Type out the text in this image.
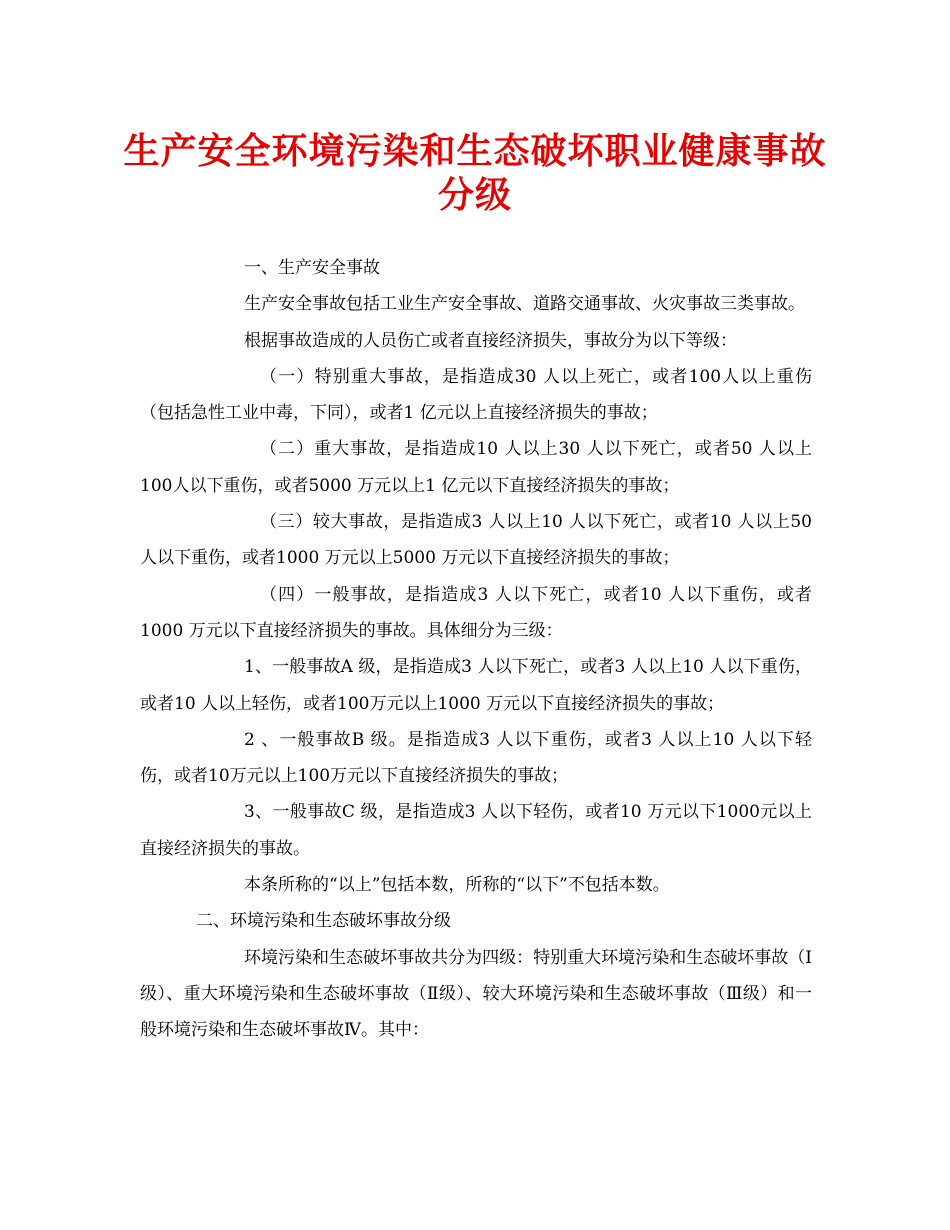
生产安全环境污染和生态破坏职业健康事故
分级

一、生产安全事故

生产安全事故包括工业生产安全事故、道路交通事故、火灾事故三类事故。

根据事故造成的人员伤亡或者直接经济损失，事故分为以下等级：

（一）特别重大事故，是指造成30 人以上死亡，或者100人以上重伤（包括急性工业中毒，下同），或者1 亿元以上直接经济损失的事故；

（二）重大事故，是指造成10 人以上30 人以下死亡，或者50 人以上100人以下重伤，或者5000 万元以上1 亿元以下直接经济损失的事故；

（三）较大事故，是指造成3 人以上10 人以下死亡，或者10 人以上50 人以下重伤，或者1000 万元以上5000 万元以下直接经济损失的事故；

（四）一般事故，是指造成3 人以下死亡，或者10 人以下重伤，或者1000 万元以下直接经济损失的事故。具体细分为三级：

1、一般事故A 级，是指造成3 人以下死亡，或者3 人以上10 人以下重伤，或者10 人以上轻伤，或者100万元以上1000 万元以下直接经济损失的事故；

2 、一般事故B 级。是指造成3 人以下重伤，或者3 人以上10 人以下轻伤，或者10万元以上100万元以下直接经济损失的事故；

3、一般事故C 级，是指造成3 人以下轻伤，或者10 万元以下1000元以上直接经济损失的事故。

本条所称的“以上”包括本数，所称的“以下”不包括本数。

二、环境污染和生态破坏事故分级

环境污染和生态破坏事故共分为四级：特别重大环境污染和生态破坏事故（Ⅰ级）、重大环境污染和生态破坏事故（Ⅱ级）、较大环境污染和生态破坏事故（Ⅲ级）和一般环境污染和生态破坏事故Ⅳ。其中：
